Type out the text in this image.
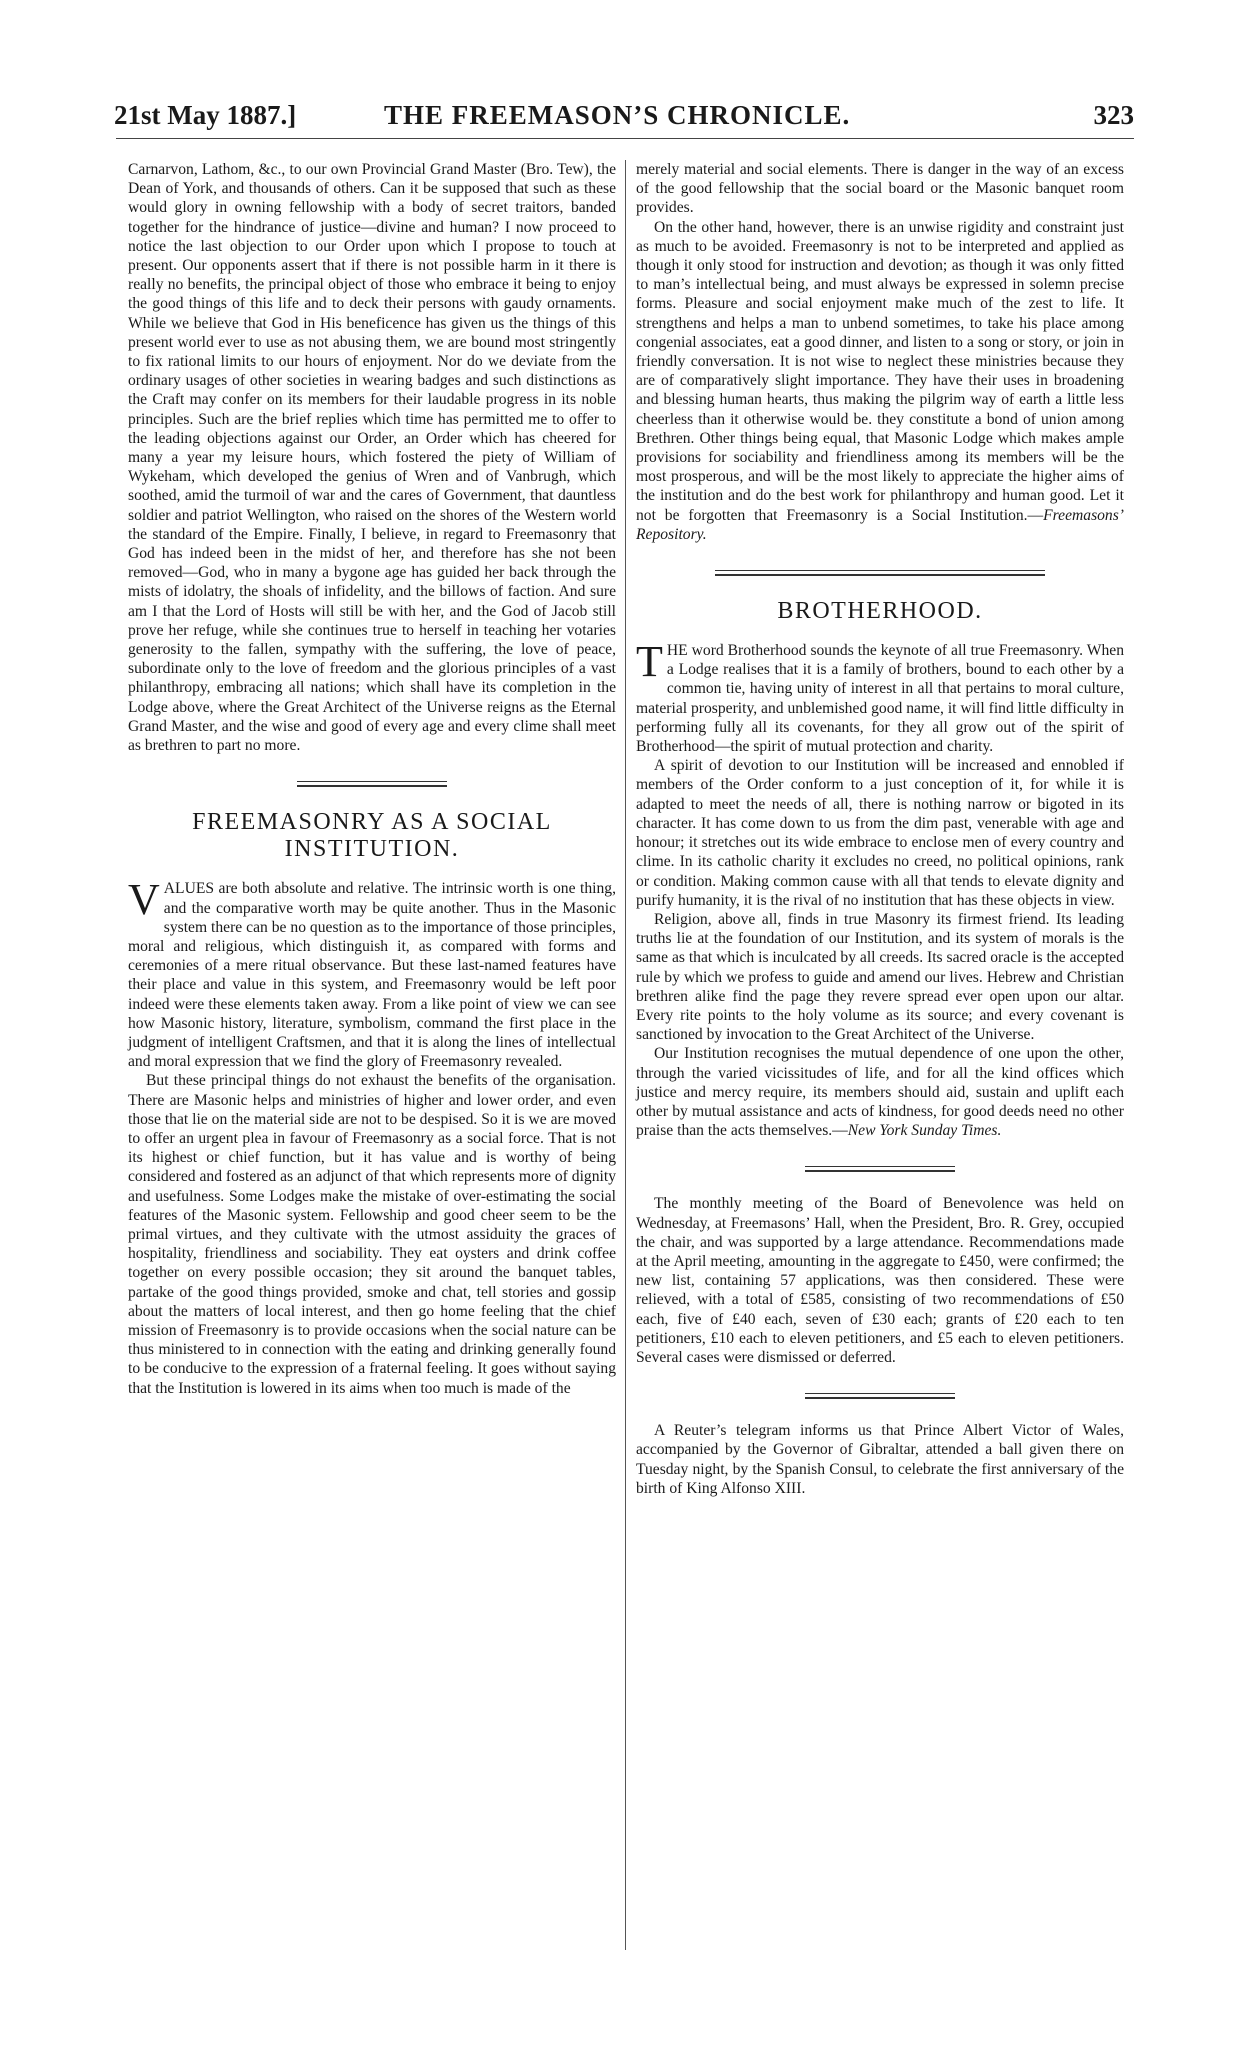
21st May 1887.]	THE FREEMASON’S CHRONICLE.	323

Carnarvon, Lathom, &c., to our own Provincial Grand Master (Bro. Tew), the Dean of York, and thousands of others. Can it be supposed that such as these would glory in owning fellowship with a body of secret traitors, banded together for the hindrance of justice—divine and human? I now proceed to notice the last objection to our Order upon which I propose to touch at present. Our opponents assert that if there is not possible harm in it there is really no benefits, the principal object of those who embrace it being to enjoy the good things of this life and to deck their persons with gaudy ornaments. While we believe that God in His beneficence has given us the things of this present world ever to use as not abusing them, we are bound most stringently to fix rational limits to our hours of enjoyment. Nor do we deviate from the ordinary usages of other societies in wearing badges and such distinctions as the Craft may confer on its members for their laudable progress in its noble principles. Such are the brief replies which time has permitted me to offer to the leading objections against our Order, an Order which has cheered for many a year my leisure hours, which fostered the piety of William of Wykeham, which developed the genius of Wren and of Vanbrugh, which soothed, amid the turmoil of war and the cares of Government, that dauntless soldier and patriot Wellington, who raised on the shores of the Western world the standard of the Empire. Finally, I believe, in regard to Freemasonry that God has indeed been in the midst of her, and therefore has she not been removed—God, who in many a bygone age has guided her back through the mists of idolatry, the shoals of infidelity, and the billows of faction. And sure am I that the Lord of Hosts will still be with her, and the God of Jacob still prove her refuge, while she continues true to herself in teaching her votaries generosity to the fallen, sympathy with the suffering, the love of peace, subordinate only to the love of freedom and the glorious principles of a vast philanthropy, embracing all nations; which shall have its completion in the Lodge above, where the Great Architect of the Universe reigns as the Eternal Grand Master, and the wise and good of every age and every clime shall meet as brethren to part no more.

FREEMASONRY AS A SOCIAL INSTITUTION.

VALUES are both absolute and relative. The intrinsic worth is one thing, and the comparative worth may be quite another. Thus in the Masonic system there can be no question as to the importance of those principles, moral and religious, which distinguish it, as compared with forms and ceremonies of a mere ritual observance. But these last-named features have their place and value in this system, and Freemasonry would be left poor indeed were these elements taken away. From a like point of view we can see how Masonic history, literature, symbolism, command the first place in the judgment of intelligent Craftsmen, and that it is along the lines of intellectual and moral expression that we find the glory of Freemasonry revealed.

But these principal things do not exhaust the benefits of the organisation. There are Masonic helps and ministries of higher and lower order, and even those that lie on the material side are not to be despised. So it is we are moved to offer an urgent plea in favour of Freemasonry as a social force. That is not its highest or chief function, but it has value and is worthy of being considered and fostered as an adjunct of that which represents more of dignity and usefulness. Some Lodges make the mistake of over-estimating the social features of the Masonic system. Fellowship and good cheer seem to be the primal virtues, and they cultivate with the utmost assiduity the graces of hospitality, friendliness and sociability. They eat oysters and drink coffee together on every possible occasion; they sit around the banquet tables, partake of the good things provided, smoke and chat, tell stories and gossip about the matters of local interest, and then go home feeling that the chief mission of Freemasonry is to provide occasions when the social nature can be thus ministered to in connection with the eating and drinking generally found to be conducive to the expression of a fraternal feeling. It goes without saying that the Institution is lowered in its aims when too much is made of the

merely material and social elements. There is danger in the way of an excess of the good fellowship that the social board or the Masonic banquet room provides.

On the other hand, however, there is an unwise rigidity and constraint just as much to be avoided. Freemasonry is not to be interpreted and applied as though it only stood for instruction and devotion; as though it was only fitted to man’s intellectual being, and must always be expressed in solemn precise forms. Pleasure and social enjoyment make much of the zest to life. It strengthens and helps a man to unbend sometimes, to take his place among congenial associates, eat a good dinner, and listen to a song or story, or join in friendly conversation. It is not wise to neglect these ministries because they are of comparatively slight importance. They have their uses in broadening and blessing human hearts, thus making the pilgrim way of earth a little less cheerless than it otherwise would be. they constitute a bond of union among Brethren. Other things being equal, that Masonic Lodge which makes ample provisions for sociability and friendliness among its members will be the most prosperous, and will be the most likely to appreciate the higher aims of the institution and do the best work for philanthropy and human good. Let it not be forgotten that Freemasonry is a Social Institution.—Freemasons’ Repository.

BROTHERHOOD.

THE word Brotherhood sounds the keynote of all true Freemasonry. When a Lodge realises that it is a family of brothers, bound to each other by a common tie, having unity of interest in all that pertains to moral culture, material prosperity, and unblemished good name, it will find little difficulty in performing fully all its covenants, for they all grow out of the spirit of Brotherhood—the spirit of mutual protection and charity.

A spirit of devotion to our Institution will be increased and ennobled if members of the Order conform to a just conception of it, for while it is adapted to meet the needs of all, there is nothing narrow or bigoted in its character. It has come down to us from the dim past, venerable with age and honour; it stretches out its wide embrace to enclose men of every country and clime. In its catholic charity it excludes no creed, no political opinions, rank or condition. Making common cause with all that tends to elevate dignity and purify humanity, it is the rival of no institution that has these objects in view.

Religion, above all, finds in true Masonry its firmest friend. Its leading truths lie at the foundation of our Institution, and its system of morals is the same as that which is inculcated by all creeds. Its sacred oracle is the accepted rule by which we profess to guide and amend our lives. Hebrew and Christian brethren alike find the page they revere spread ever open upon our altar. Every rite points to the holy volume as its source; and every covenant is sanctioned by invocation to the Great Architect of the Universe.

Our Institution recognises the mutual dependence of one upon the other, through the varied vicissitudes of life, and for all the kind offices which justice and mercy require, its members should aid, sustain and uplift each other by mutual assistance and acts of kindness, for good deeds need no other praise than the acts themselves.—New York Sunday Times.

The monthly meeting of the Board of Benevolence was held on Wednesday, at Freemasons’ Hall, when the President, Bro. R. Grey, occupied the chair, and was supported by a large attendance. Recommendations made at the April meeting, amounting in the aggregate to £450, were confirmed; the new list, containing 57 applications, was then considered. These were relieved, with a total of £585, consisting of two recommendations of £50 each, five of £40 each, seven of £30 each; grants of £20 each to ten petitioners, £10 each to eleven petitioners, and £5 each to eleven petitioners. Several cases were dismissed or deferred.

A Reuter’s telegram informs us that Prince Albert Victor of Wales, accompanied by the Governor of Gibraltar, attended a ball given there on Tuesday night, by the Spanish Consul, to celebrate the first anniversary of the birth of King Alfonso XIII.
